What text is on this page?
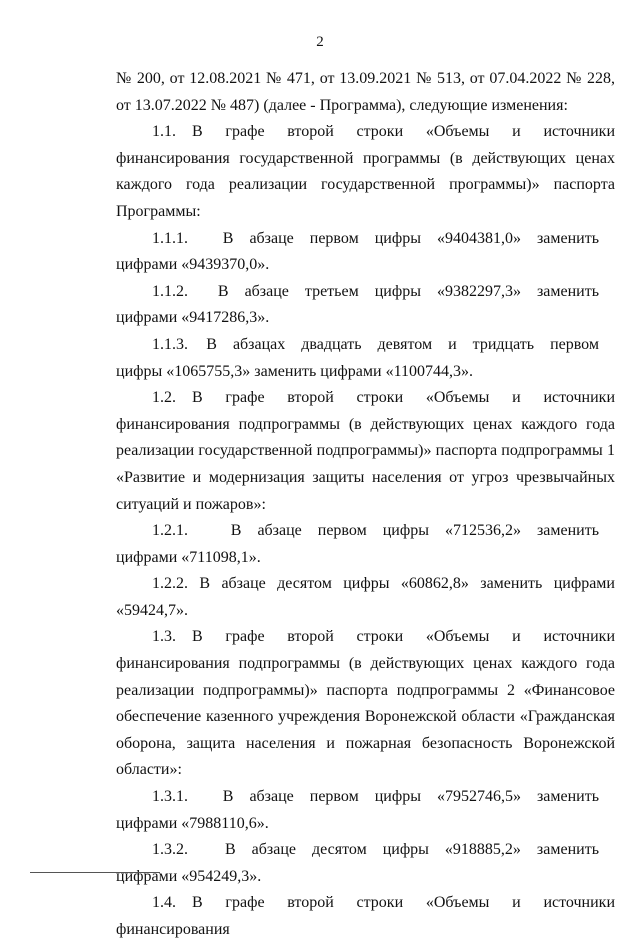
2

№ 200, от 12.08.2021 № 471, от 13.09.2021 № 513, от 07.04.2022 № 228, от 13.07.2022 № 487) (далее - Программа), следующие изменения:

1.1. В графе второй строки «Объемы и источники финансирования государственной программы (в действующих ценах каждого года реализации государственной программы)» паспорта Программы:

1.1.1. В абзаце первом цифры «9404381,0» заменить цифрами «9439370,0».

1.1.2. В абзаце третьем цифры «9382297,3» заменить цифрами «9417286,3».

1.1.3. В абзацах двадцать девятом и тридцать первом цифры «1065755,3» заменить цифрами «1100744,3».

1.2. В графе второй строки «Объемы и источники финансирования подпрограммы (в действующих ценах каждого года реализации государственной подпрограммы)» паспорта подпрограммы 1 «Развитие и модернизация защиты населения от угроз чрезвычайных ситуаций и пожаров»:

1.2.1. В абзаце первом цифры «712536,2» заменить цифрами «711098,1».

1.2.2. В абзаце десятом цифры «60862,8» заменить цифрами «59424,7».

1.3. В графе второй строки «Объемы и источники финансирования подпрограммы (в действующих ценах каждого года реализации подпрограммы)» паспорта подпрограммы 2 «Финансовое обеспечение казенного учреждения Воронежской области «Гражданская оборона, защита населения и пожарная безопасность Воронежской области»:

1.3.1. В абзаце первом цифры «7952746,5» заменить цифрами «7988110,6».

1.3.2. В абзаце десятом цифры «918885,2» заменить цифрами «954249,3».

1.4. В графе второй строки «Объемы и источники финансирования
